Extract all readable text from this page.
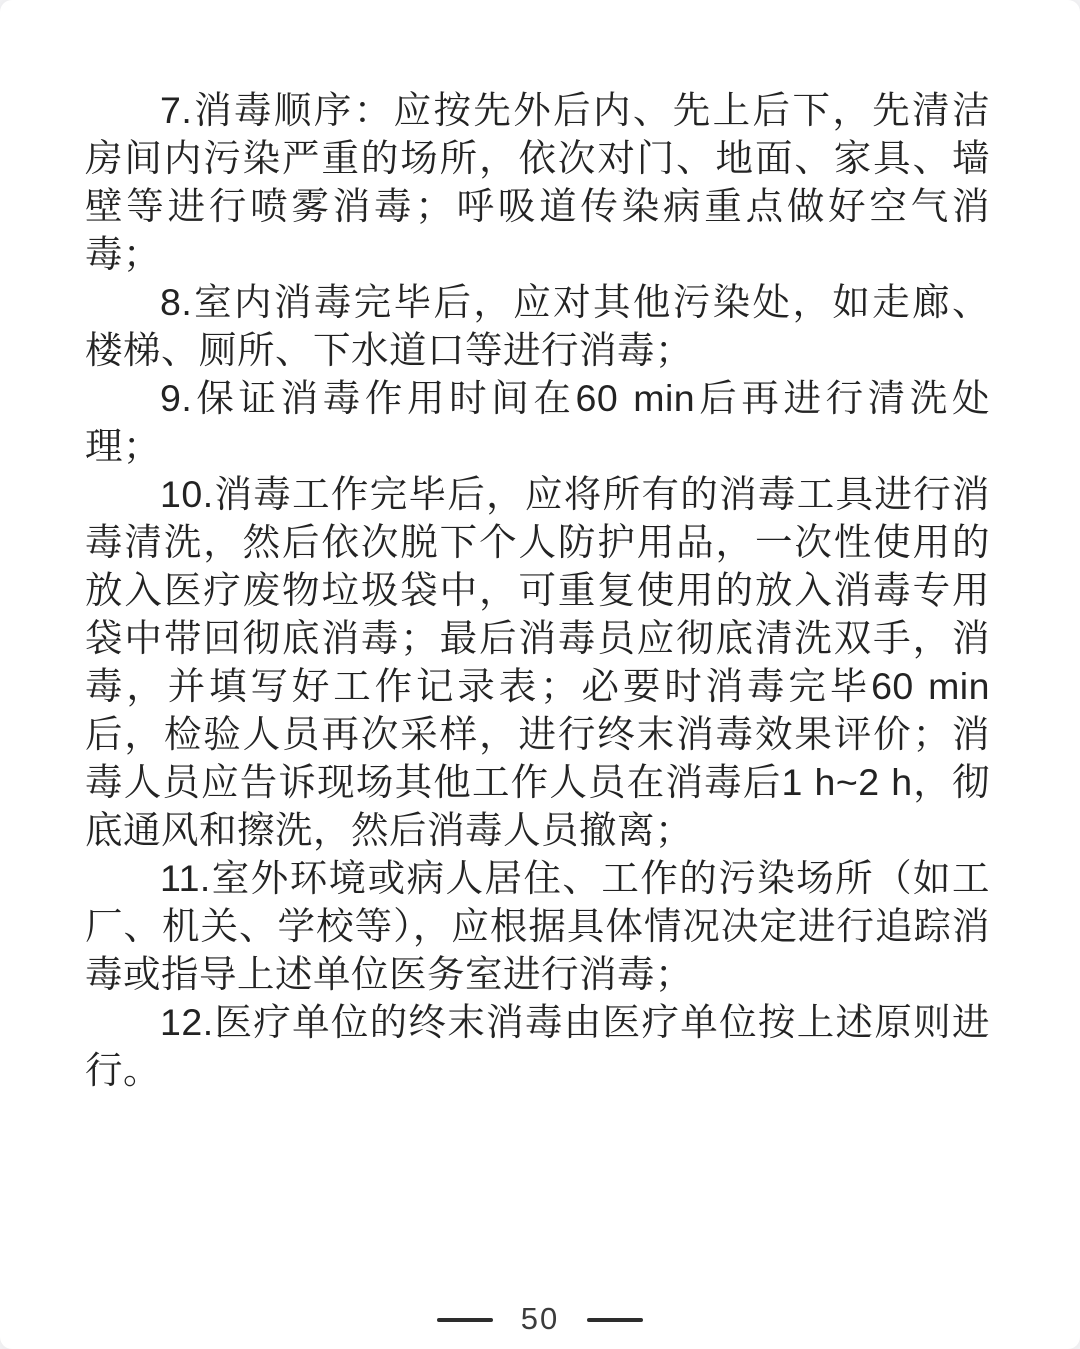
7.消毒顺序：应按先外后内、先上后下，先清洁房间内污染严重的场所，依次对门、地面、家具、墙壁等进行喷雾消毒；呼吸道传染病重点做好空气消毒；

8.室内消毒完毕后，应对其他污染处，如走廊、楼梯、厕所、下水道口等进行消毒；

9.保证消毒作用时间在60 min后再进行清洗处理；

10.消毒工作完毕后，应将所有的消毒工具进行消毒清洗，然后依次脱下个人防护用品，一次性使用的放入医疗废物垃圾袋中，可重复使用的放入消毒专用袋中带回彻底消毒；最后消毒员应彻底清洗双手，消毒，并填写好工作记录表；必要时消毒完毕60 min后，检验人员再次采样，进行终末消毒效果评价；消毒人员应告诉现场其他工作人员在消毒后1 h~2 h，彻底通风和擦洗，然后消毒人员撤离；

11.室外环境或病人居住、工作的污染场所（如工厂、机关、学校等），应根据具体情况决定进行追踪消毒或指导上述单位医务室进行消毒；

12.医疗单位的终末消毒由医疗单位按上述原则进行。

50
